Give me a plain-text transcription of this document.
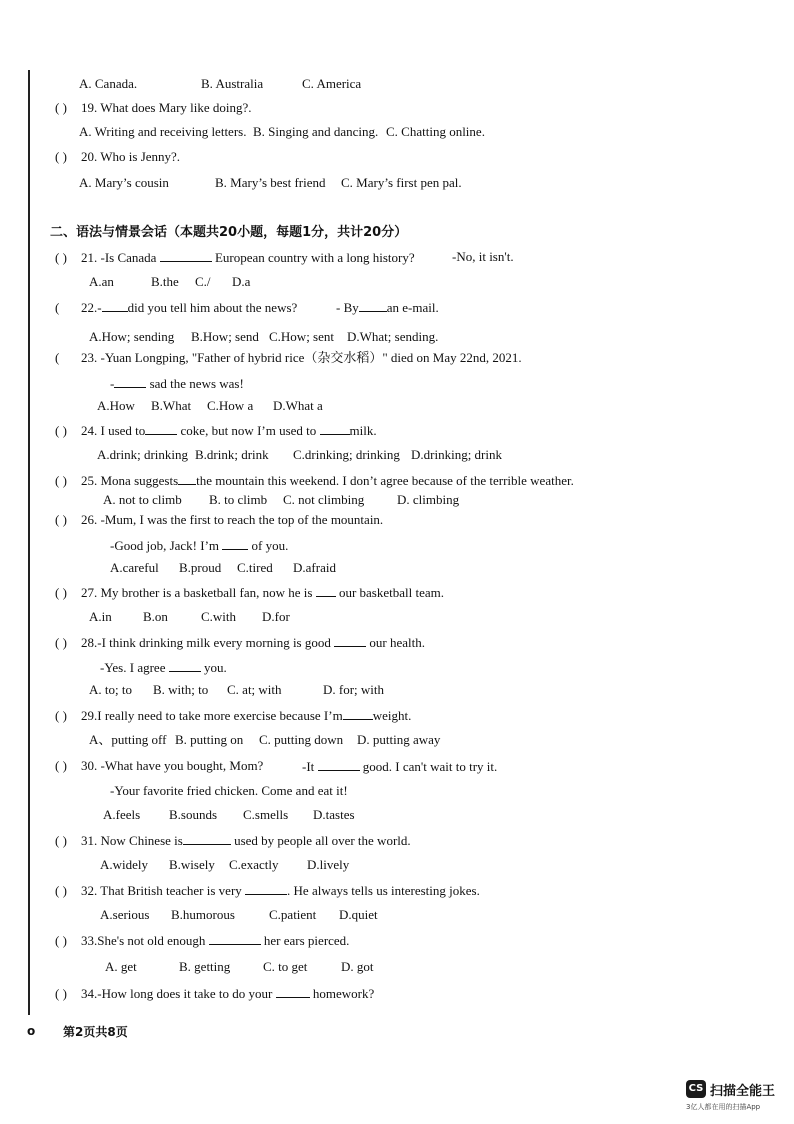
A. Canada.	B. Australia	C. America
( ) 19. What does Mary like doing?.
A. Writing and receiving letters. B. Singing and dancing. C. Chatting online.
( ) 20. Who is Jenny?.
A. Mary’s cousin	B. Mary’s best friend C. Mary’s first pen pal.
二、语法与情景会话（本题共20小题，每题1分，共计20分）
( ) 21. -Is Canada	European country with a long history?	-No, it isn't.
A.an	B.the C./ D.a
( 22.- did you tell him about the news?	- By an e-mail.
A.How; sending B.How; send C.How; sent D.What; sending.
( 23. -Yuan Longping, "Father of hybrid rice（杂交水稻）" died on May 22nd, 2021.
-	sad the news was!
A.How B.What C.How a D.What a
( ) 24. I used to	coke, but now I’m used to	milk.
A.drink; drinking B.drink; drink C.drinking; drinking D.drinking; drink
( ) 25. Mona suggests the mountain this weekend. I don’t agree because of the terrible weather.
A. not to climb B. to climb C. not climbing	D. climbing
( ) 26. -Mum, I was the first to reach the top of the mountain.
-Good job, Jack! I’m	of you.
A.careful B.proud C.tired D.afraid
( ) 27. My brother is a basketball fan, now he is our basketball team.
A.in B.on	C.with D.for
( ) 28.-I think drinking milk every morning is good	our health.
-Yes. I agree	you.
A. to; to B. with; to C. at; with	D. for; with
( ) 29.I really need to take more exercise because I’m weight.
A、putting off B. putting on C. putting down D. putting away
( ) 30. -What have you bought, Mom?	-It	good. I can't wait to try it.
-Your favorite fried chicken. Come and eat it!
A.feels B.sounds C.smells D.tastes
( ) 31. Now Chinese is	used by people all over the world.
A.widely B.wisely C.exactly D.lively
( ) 32. That British teacher is very	. He always tells us interesting jokes.
A.serious B.humorous	C.patient D.quiet
( ) 33.She's not old enough	her ears pierced.
A. get	B. getting	C. to get	D. got
( ) 34.-How long does it take to do your	homework?
o 第2页共8页
CS 扫描全能王
3亿人都在用的扫描App
